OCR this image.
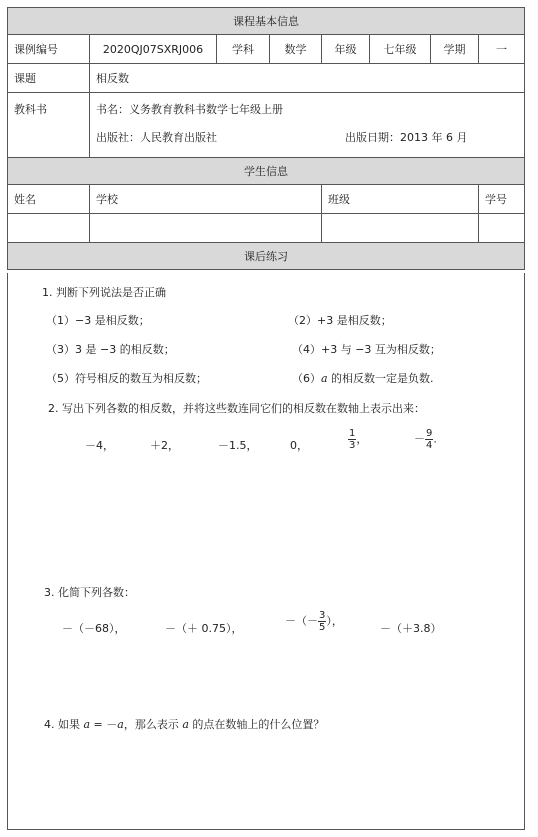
课程基本信息							
课例编号	2020QJ07SXRJ006	学科	数学	年级	七年级	学期	一
课题	相反数						
教科书	书名：义务教育教科书数学七年级上册
出版社：人民教育出版社 出版日期：2013 年 6 月						

学生信息							
姓名	学校			班级			学号

课后练习							
1. 判断下列说法是否正确
（1）−3 是相反数；	（2）+3 是相反数；
（3）3 是 −3 的相反数；	（4）+3 与 −3 互为相反数；
（5）符号相反的数互为相反数；	（6）a 的相反数一定是负数.
2. 写出下列各数的相反数，并将这些数连同它们的相反数在数轴上表示出来：
－4，	＋2，	－1.5，	0，	$\frac{1}{3}$ ，	－ $\frac{9}{4}$ .
3. 化简下列各数：
－（－68），	－（＋ 0.75），
－（－ $\frac{3}{5}$ ），
－（＋3.8）
4. 如果 a = －a，那么表示 a 的点在数轴上的什么位置？
